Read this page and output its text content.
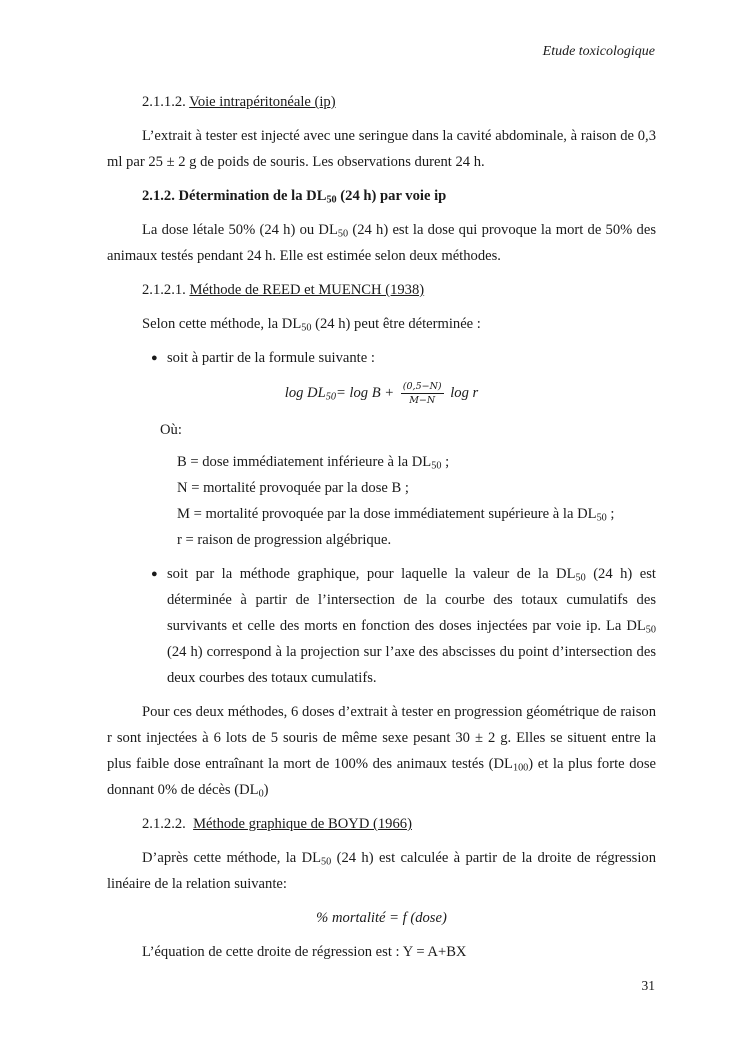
Etude toxicologique

2.1.1.2. Voie intrapéritonéale (ip)

L’extrait à tester est injecté avec une seringue dans la cavité abdominale, à raison de 0,3 ml par 25 ± 2 g de poids de souris. Les observations durent 24 h.

2.1.2. Détermination de la $DL_{50}$ (24 h) par voie ip

La dose létale 50% (24 h) ou $DL_{50}$ (24 h) est la dose qui provoque la mort de 50% des animaux testés pendant 24 h. Elle est estimée selon deux méthodes.

2.1.2.1. Méthode de REED et MUENCH (1938)

Selon cette méthode, la $DL_{50}$ (24 h) peut être déterminée :

● soit à partir de la formule suivante :

$\log DL_{50}= \log B + \frac{(0,5-N)}{M-N}$ log r
Où:
B = dose immédiatement inférieure à la $DL_{50}$ ;
N = mortalité provoquée par la dose B ;
M = mortalité provoquée par la dose immédiatement supérieure à la $DL_{50}$ ;
r = raison de progression algébrique.

● soit par la méthode graphique, pour laquelle la valeur de la $DL_{50}$ (24 h) est déterminée à partir de l’intersection de la courbe des totaux cumulatifs des survivants et celle des morts en fonction des doses injectées par voie ip. La $DL_{50}$ (24 h) correspond à la projection sur l’axe des abscisses du point d’intersection des deux courbes des totaux cumulatifs.

Pour ces deux méthodes, 6 doses d’extrait à tester en progression géométrique de raison r sont injectées à 6 lots de 5 souris de même sexe pesant 30 ± 2 g. Elles se situent entre la plus faible dose entraînant la mort de 100% des animaux testés $(DL_{100})$ et la plus forte dose donnant 0% de décès $(DL_0)$

2.1.2.2. Méthode graphique de BOYD (1966)

D’après cette méthode, la $DL_{50}$ (24 h) est calculée à partir de la droite de régression linéaire de la relation suivante:

% mortalité = f (dose)

L’équation de cette droite de régression est : Y = A+BX

31
